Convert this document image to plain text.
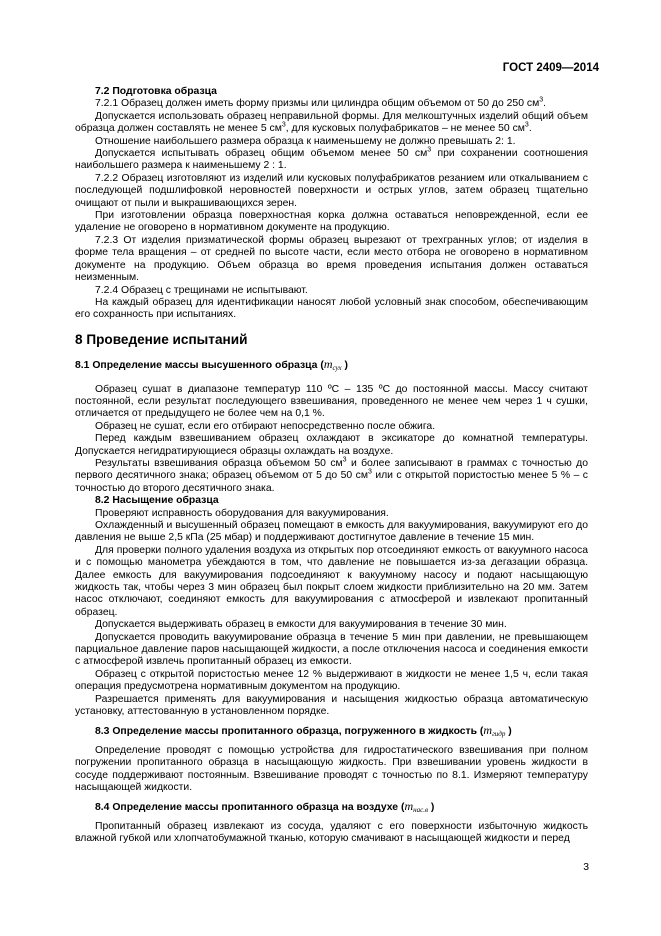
ГОСТ 2409—2014

7.2 Подготовка образца

7.2.1 Образец должен иметь форму призмы или цилиндра общим объемом от 50 до 250 $см^3$.

Допускается использовать образец неправильной формы. Для мелкоштучных изделий общий объем образца должен составлять не менее 5 $см^3$, для кусковых полуфабрикатов – не менее 50 $см^3$.

Отношение наибольшего размера образца к наименьшему не должно превышать 2: 1.

Допускается испытывать образец общим объемом менее 50 $см^3$ при сохранении соотношения наибольшего размера к наименьшему 2 : 1.

7.2.2 Образец изготовляют из изделий или кусковых полуфабрикатов резанием или откалыванием с последующей подшлифовкой неровностей поверхности и острых углов, затем образец тщательно очищают от пыли и выкрашивающихся зерен.

При изготовлении образца поверхностная корка должна оставаться неповрежденной, если ее удаление не оговорено в нормативном документе на продукцию.

7.2.3 От изделия призматической формы образец вырезают от трехгранных углов; от изделия в форме тела вращения – от средней по высоте части, если место отбора не оговорено в нормативном документе на продукцию. Объем образца во время проведения испытания должен оставаться неизменным.

7.2.4 Образец с трещинами не испытывают.

На каждый образец для идентификации наносят любой условный знак способом, обеспечивающим его сохранность при испытаниях.

8 Проведение испытаний

8.1 Определение массы высушенного образца (mсух )

Образец сушат в диапазоне температур 110 ºС – 135 ºС до постоянной массы. Массу считают постоянной, если результат последующего взвешивания, проведенного не менее чем через 1 ч сушки, отличается от предыдущего не более чем на 0,1 %.

Образец не сушат, если его отбирают непосредственно после обжига.

Перед каждым взвешиванием образец охлаждают в эксикаторе до комнатной температуры. Допускается негидратирующиеся образцы охлаждать на воздухе.

Результаты взвешивания образца объемом 50 $см^3$ и более записывают в граммах с точностью до первого десятичного знака; образец объемом от 5 до 50 $см^3$ или с открытой пористостью менее 5 % – с точностью до второго десятичного знака.

8.2 Насыщение образца

Проверяют исправность оборудования для вакуумирования.

Охлажденный и высушенный образец помещают в емкость для вакуумирования, вакуумируют его до давления не выше 2,5 кПа (25 мбар) и поддерживают достигнутое давление в течение 15 мин.

Для проверки полного удаления воздуха из открытых пор отсоединяют емкость от вакуумного насоса и с помощью манометра убеждаются в том, что давление не повышается из-за дегазации образца. Далее емкость для вакуумирования подсоединяют к вакуумному насосу и подают насыщающую жидкость так, чтобы через 3 мин образец был покрыт слоем жидкости приблизительно на 20 мм. Затем насос отключают, соединяют емкость для вакуумирования с атмосферой и извлекают пропитанный образец.

Допускается выдерживать образец в емкости для вакуумирования в течение 30 мин.

Допускается проводить вакуумирование образца в течение 5 мин при давлении, не превышающем парциальное давление паров насыщающей жидкости, а после отключения насоса и соединения емкости с атмосферой извлечь пропитанный образец из емкости.

Образец с открытой пористостью менее 12 % выдерживают в жидкости не менее 1,5 ч, если такая операция предусмотрена нормативным документом на продукцию.

Разрешается применять для вакуумирования и насыщения жидкостью образца автоматическую установку, аттестованную в установленном порядке.

8.3 Определение массы пропитанного образца, погруженного в жидкость (mгидр )

Определение проводят с помощью устройства для гидростатического взвешивания при полном погружении пропитанного образца в насыщающую жидкость. При взвешивании уровень жидкости в сосуде поддерживают постоянным. Взвешивание проводят с точностью по 8.1. Измеряют температуру насыщающей жидкости.

8.4 Определение массы пропитанного образца на воздухе (mнас.в )

Пропитанный образец извлекают из сосуда, удаляют с его поверхности избыточную жидкость влажной губкой или хлопчатобумажной тканью, которую смачивают в насыщающей жидкости и перед

3
